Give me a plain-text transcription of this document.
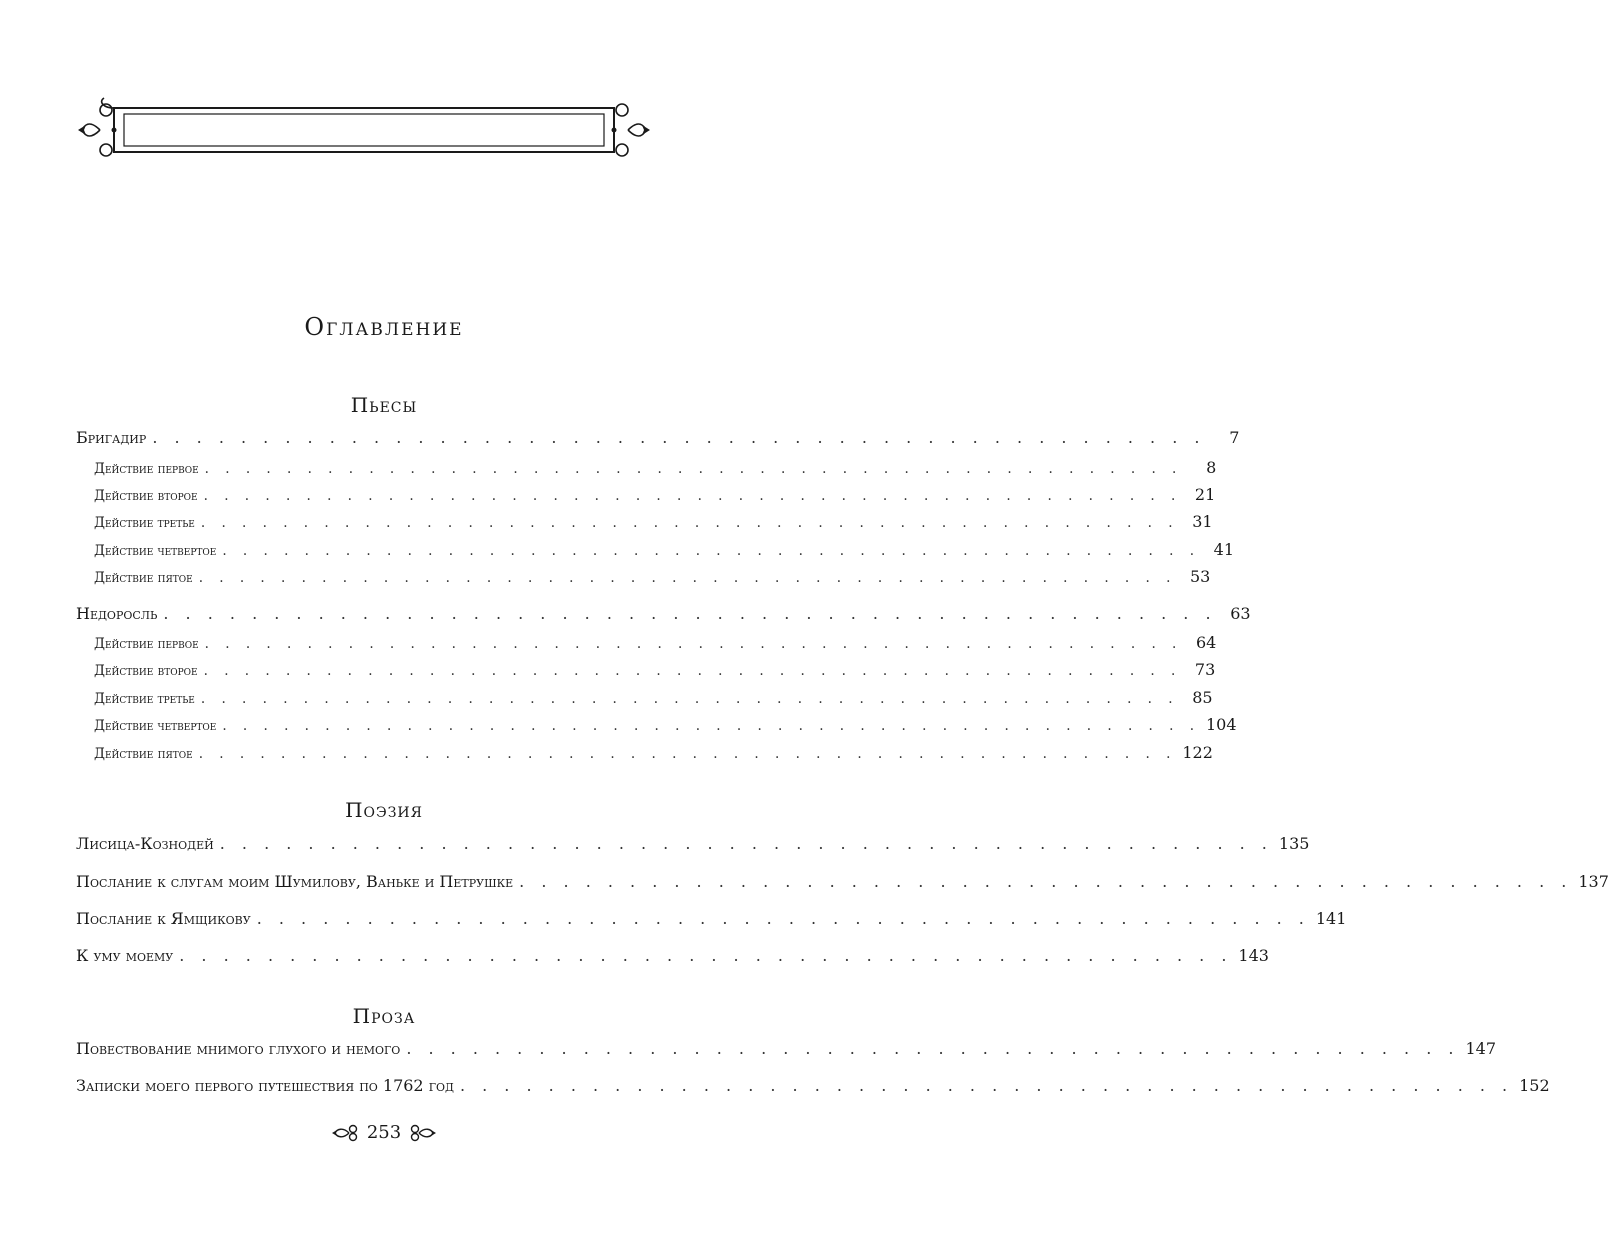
Оглавление
Пьесы
Бригадир . . . . . . . . . . . . . . . . . . . . . . . . . . . . . . . . . . . . . . . . . . . . . . . .	7
Действие первое . . . . . . . . . . . . . . . . . . . . . . . . . . . . . . . . . . . . . . . . . . . . . . . .	8
Действие второе . . . . . . . . . . . . . . . . . . . . . . . . . . . . . . . . . . . . . . . . . . . . . . . . 21
Действие третье . . . . . . . . . . . . . . . . . . . . . . . . . . . . . . . . . . . . . . . . . . . . . . . . 31
Действие четвертое . . . . . . . . . . . . . . . . . . . . . . . . . . . . . . . . . . . . . . . . . . . . . . . . 41
Действие пятое . . . . . . . . . . . . . . . . . . . . . . . . . . . . . . . . . . . . . . . . . . . . . . . . 53
Недоросль . . . . . . . . . . . . . . . . . . . . . . . . . . . . . . . . . . . . . . . . . . . . . . . . 63
Действие первое . . . . . . . . . . . . . . . . . . . . . . . . . . . . . . . . . . . . . . . . . . . . . . . . 64
Действие второе . . . . . . . . . . . . . . . . . . . . . . . . . . . . . . . . . . . . . . . . . . . . . . . . 73
Действие третье . . . . . . . . . . . . . . . . . . . . . . . . . . . . . . . . . . . . . . . . . . . . . . . . 85
Действие четвертое . . . . . . . . . . . . . . . . . . . . . . . . . . . . . . . . . . . . . . . . . . . . . . . . 104
Действие пятое . . . . . . . . . . . . . . . . . . . . . . . . . . . . . . . . . . . . . . . . . . . . . . . . 122
Поэзия
Лисица-Кознодей . . . . . . . . . . . . . . . . . . . . . . . . . . . . . . . . . . . . . . . . . . . . . . . . 135
Послание к слугам моим Шумилову, Ваньке и Петрушке . . . . . . . . . . . . . . . . . . . . . . . . . . . . . . . . . . . . . . . . . . . . . . . . 137
Послание к Ямщикову . . . . . . . . . . . . . . . . . . . . . . . . . . . . . . . . . . . . . . . . . . . . . . . . 141
К уму моему . . . . . . . . . . . . . . . . . . . . . . . . . . . . . . . . . . . . . . . . . . . . . . . . 143
Проза
Повествование мнимого глухого и немого . . . . . . . . . . . . . . . . . . . . . . . . . . . . . . . . . . . . . . . . . . . . . . . . 147
Записки моего первого путешествия по 1762 год . . . . . . . . . . . . . . . . . . . . . . . . . . . . . . . . . . . . . . . . . . . . . . . . 152
253
